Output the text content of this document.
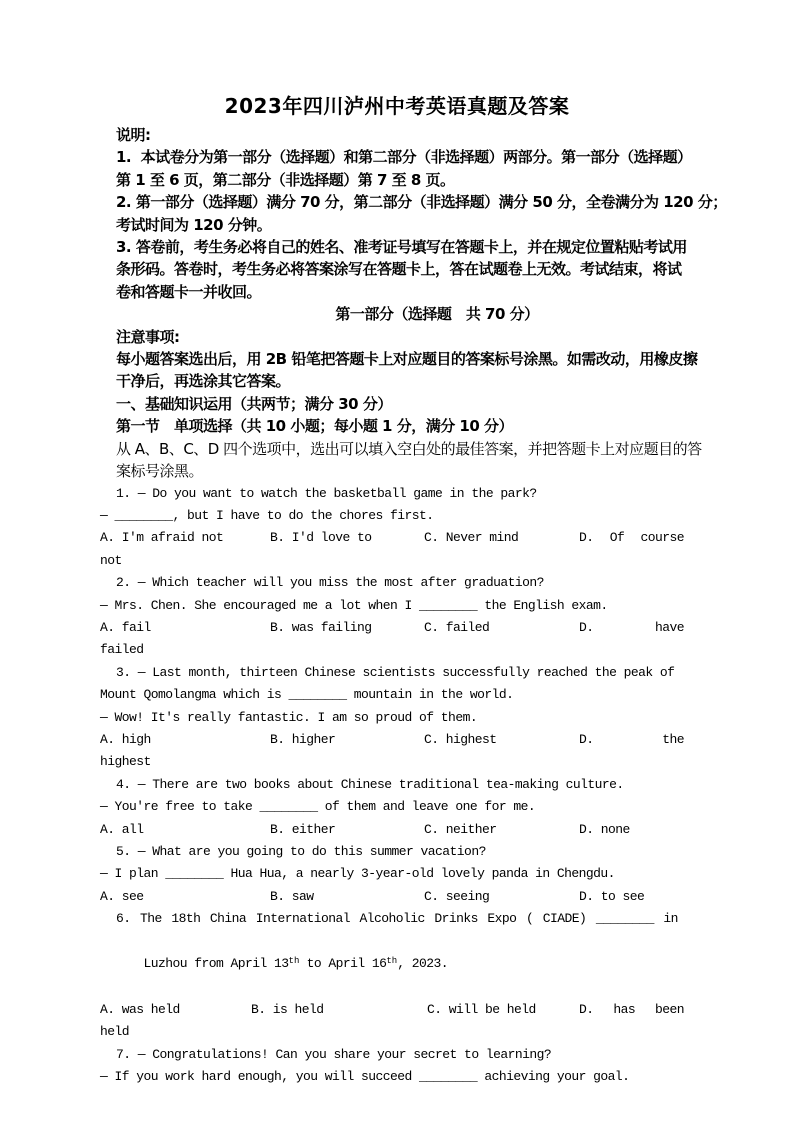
2023年四川泸州中考英语真题及答案
说明:
1.  本试卷分为第一部分（选择题）和第二部分（非选择题）两部分。第一部分（选择题）
第 1 至 6 页，第二部分（非选择题）第 7 至 8 页。
2. 第一部分（选择题）满分 70 分，第二部分（非选择题）满分 50 分，全卷满分为 120 分；
考试时间为 120 分钟。
3. 答卷前，考生务必将自己的姓名、准考证号填写在答题卡上，并在规定位置粘贴考试用
条形码。答卷时，考生务必将答案涂写在答题卡上，答在试题卷上无效。考试结束，将试
卷和答题卡一并收回。
第一部分（选择题　共 70 分）
注意事项:
每小题答案选出后，用 2B 铅笔把答题卡上对应题目的答案标号涂黑。如需改动，用橡皮擦
干净后，再选涂其它答案。
一、基础知识运用（共两节；满分 30 分）
第一节　单项选择（共 10 小题；每小题 1 分，满分 10 分）
从 A、B、C、D 四个选项中，选出可以填入空白处的最佳答案，并把答题卡上对应题目的答
案标号涂黑。
1. — Do you want to watch the basketball game in the park?
— ________, but I have to do the chores first.
A. I'm afraid not	B. I'd love to	C. Never mind	D. Of course
not
2. — Which teacher will you miss the most after graduation?
— Mrs. Chen. She encouraged me a lot when I ________ the English exam.
A. fail	B. was failing	C. failed	D.	have
failed
3. — Last month, thirteen Chinese scientists successfully reached the peak of
Mount Qomolangma which is ________ mountain in the world.
— Wow! It's really fantastic. I am so proud of them.
A. high	B. higher	C. highest	D.	the
highest
4. — There are two books about Chinese traditional tea-making culture.
— You're free to take ________ of them and leave one for me.
A. all	B. either	C. neither	D. none
5. — What are you going to do this summer vacation?
— I plan ________ Hua Hua, a nearly 3-year-old lovely panda in Chengdu.
A. see	B. saw	C. seeing	D. to see
6. The 18th China International Alcoholic Drinks Expo ( CIADE) ________ in

Luzhou from April 13th to April 16th, 2023.

A. was held	B. is held	C. will be held	D. has been
held
7. — Congratulations! Can you share your secret to learning?
— If you work hard enough, you will succeed ________ achieving your goal.
